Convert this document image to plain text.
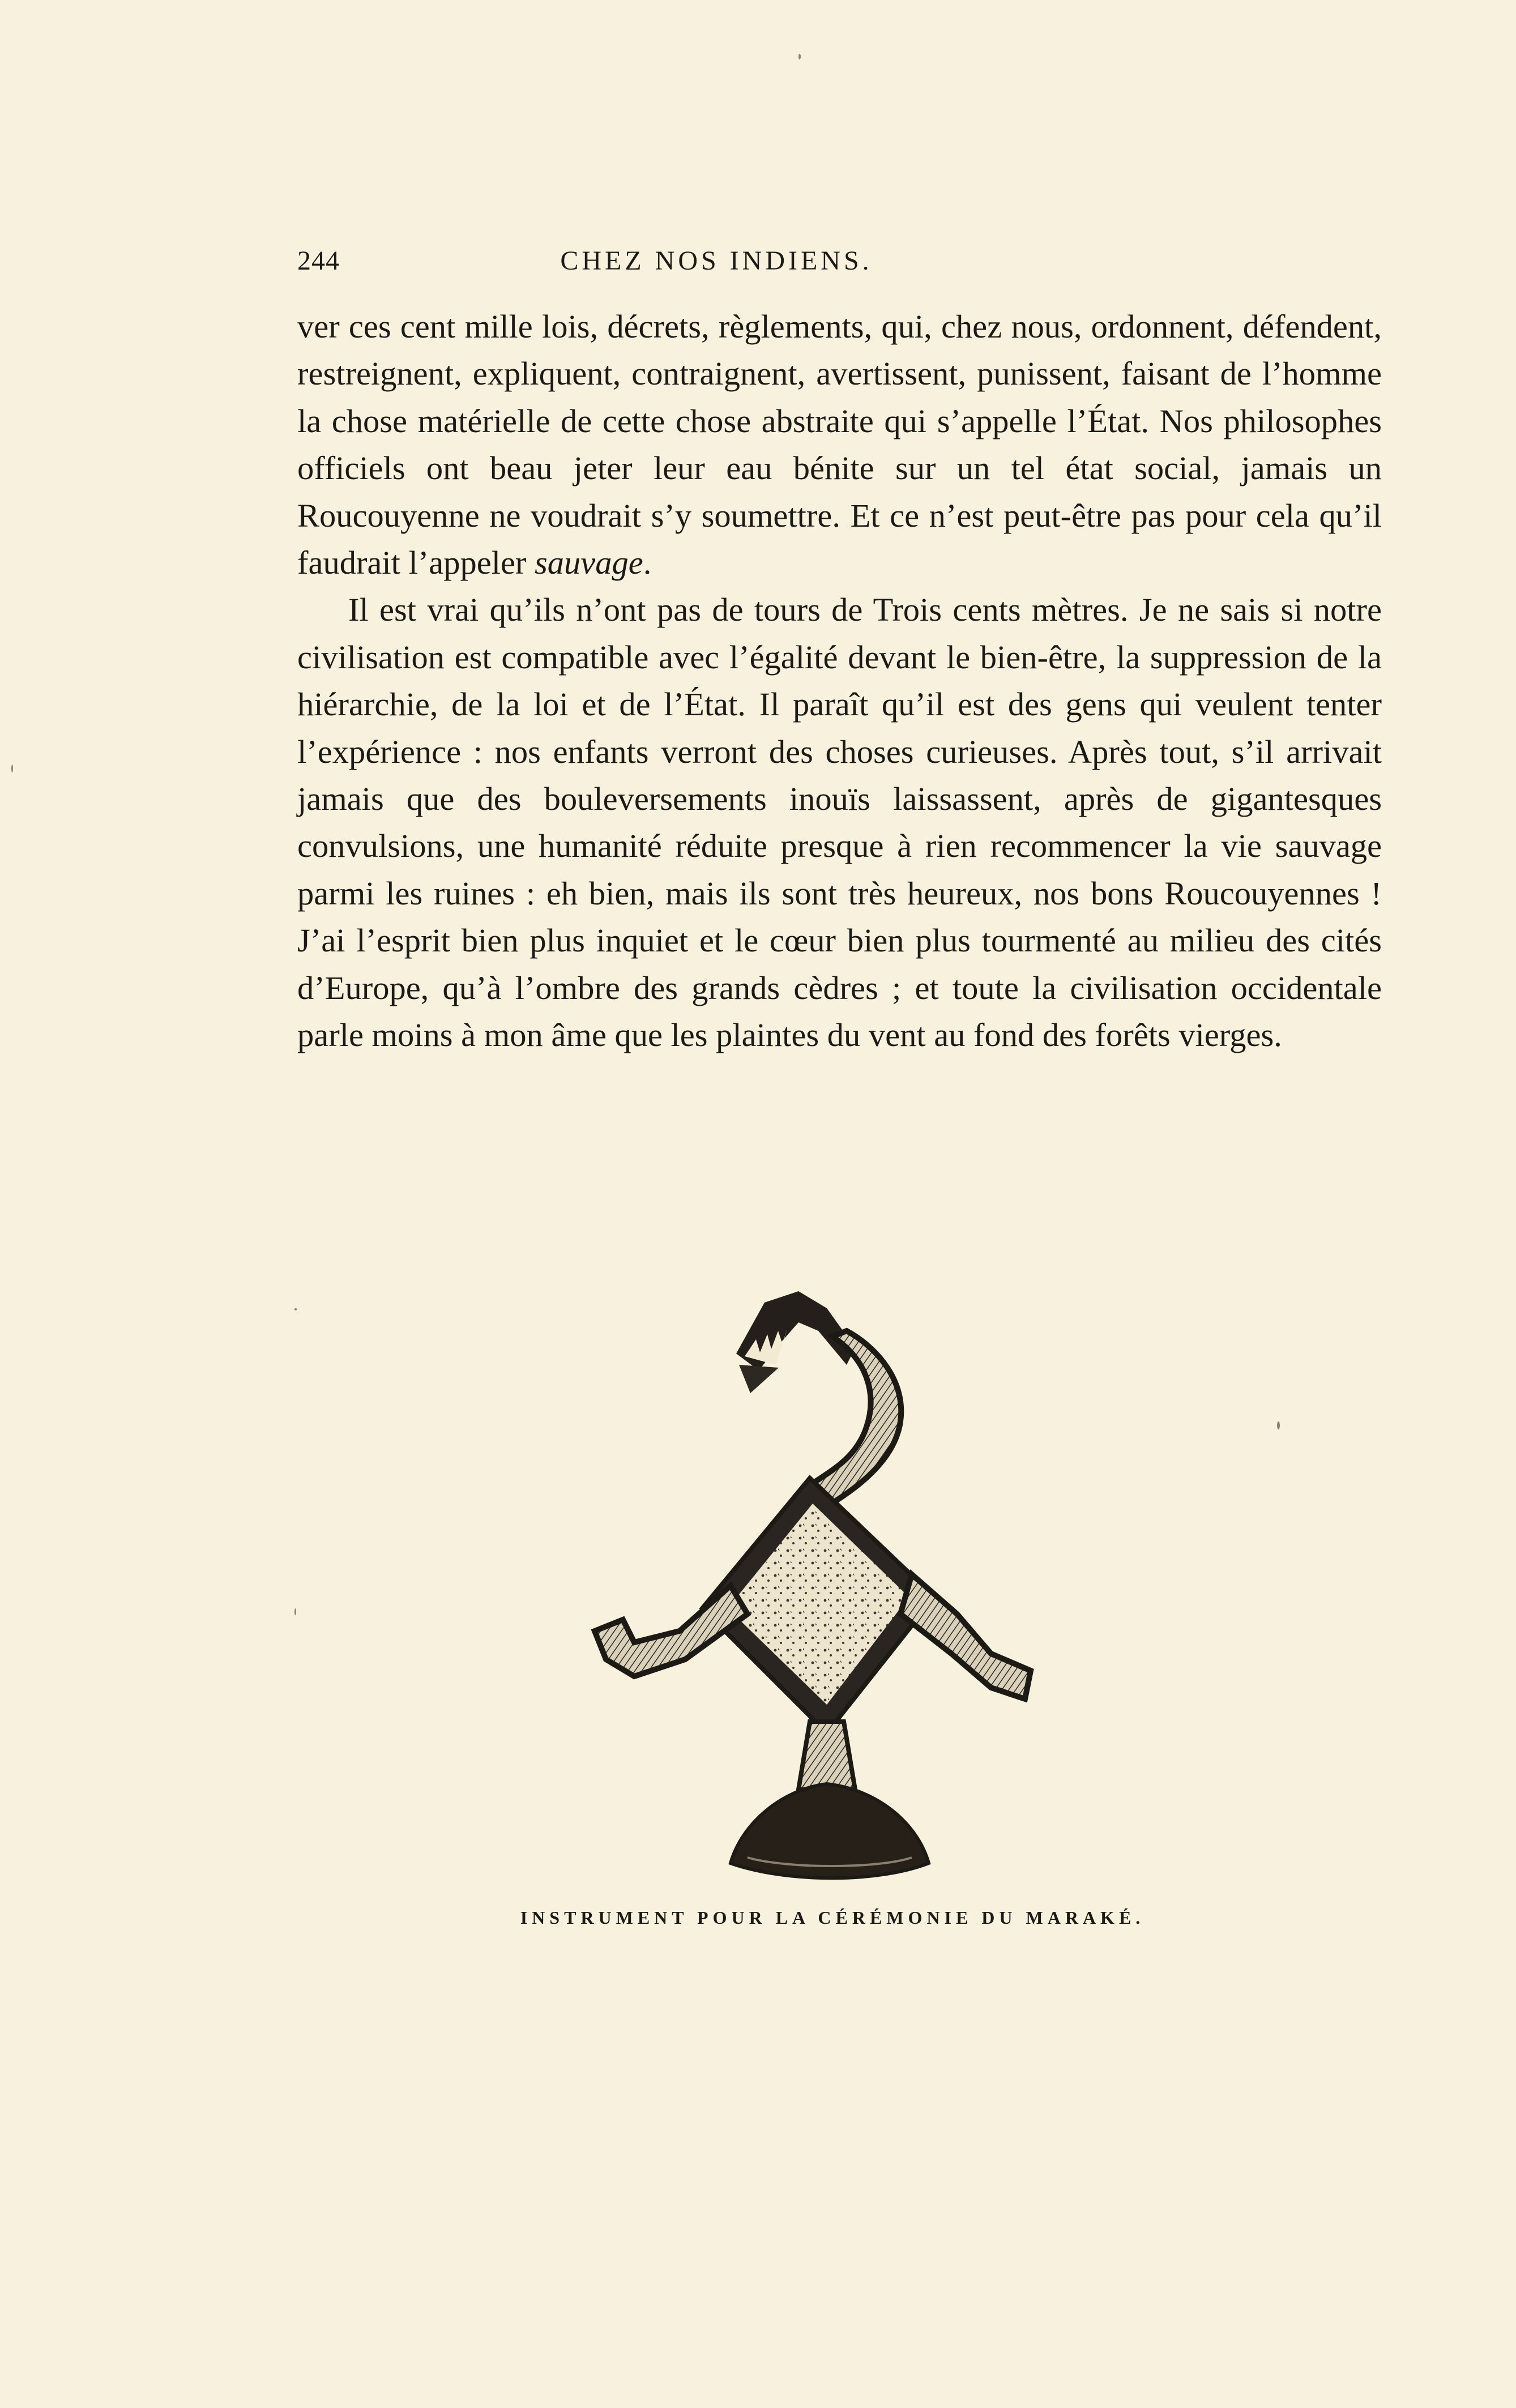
244	CHEZ NOS INDIENS.

ver ces cent mille lois, décrets, règlements, qui, chez nous, ordonnent, défendent, restreignent, expliquent, contraignent, avertissent, punissent, faisant de l’homme la chose matérielle de cette chose abstraite qui s’appelle l’État. Nos philosophes officiels ont beau jeter leur eau bénite sur un tel état social, jamais un Roucouyenne ne voudrait s’y soumettre. Et ce n’est peut-être pas pour cela qu’il faudrait l’appeler sauvage.

Il est vrai qu’ils n’ont pas de tours de Trois cents mètres. Je ne sais si notre civilisation est compatible avec l’égalité devant le bien-être, la suppression de la hiérarchie, de la loi et de l’État. Il paraît qu’il est des gens qui veulent tenter l’expérience : nos enfants verront des choses curieuses. Après tout, s’il arrivait jamais que des bouleversements inouïs laissassent, après de gigantesques convulsions, une humanité réduite presque à rien recommencer la vie sauvage parmi les ruines : eh bien, mais ils sont très heureux, nos bons Roucouyennes ! J’ai l’esprit bien plus inquiet et le cœur bien plus tourmenté au milieu des cités d’Europe, qu’à l’ombre des grands cèdres ; et toute la civilisation occidentale parle moins à mon âme que les plaintes du vent au fond des forêts vierges.

INSTRUMENT POUR LA CÉRÉMONIE DU MARAKÉ.
